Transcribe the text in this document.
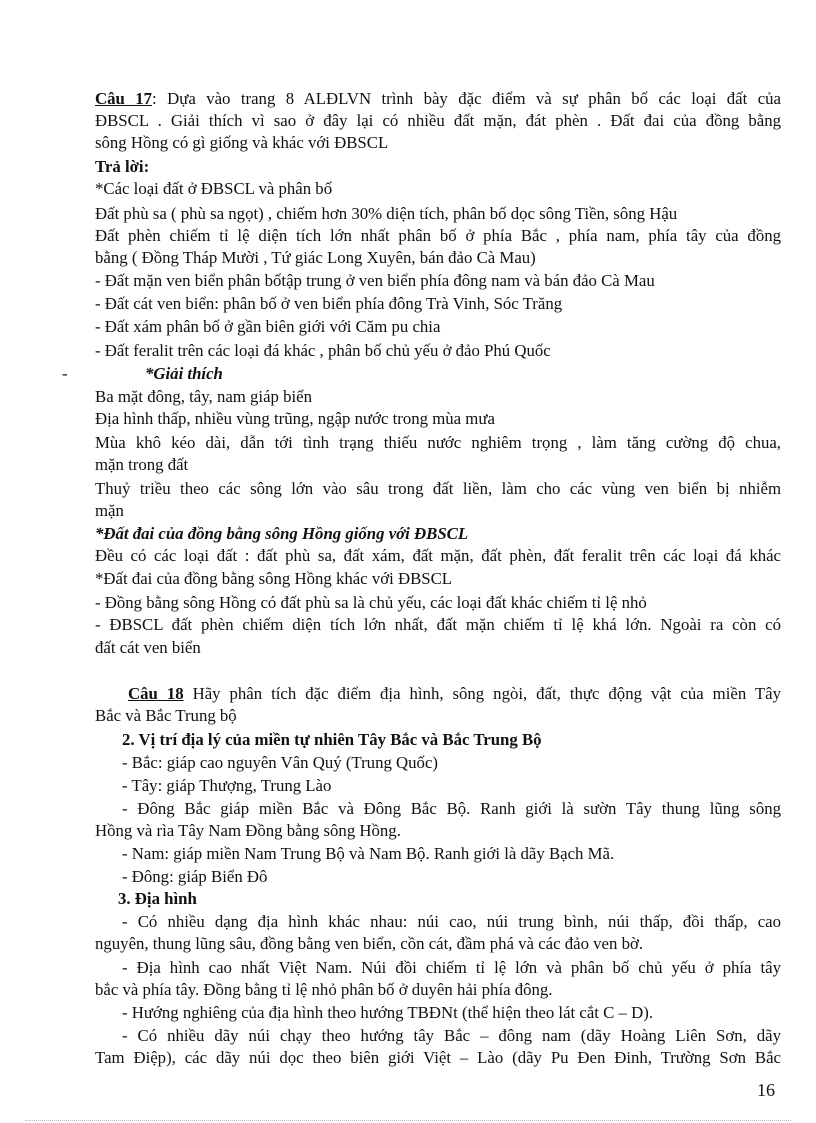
Câu 17: Dựa vào trang 8 ALĐLVN trình bày đặc điểm và sự phân bố các loại đất của
ĐBSCL . Giải thích vì sao ở đây lại có nhiều đất mặn, đát phèn . Đất đai của đồng bằng
sông Hồng có gì giống và khác với ĐBSCL
Trả lời:
*Các loại đất ở ĐBSCL và phân bố
Đất phù sa ( phù sa ngọt) , chiếm hơn 30% diện tích, phân bố dọc sông Tiền, sông Hậu
Đất phèn chiếm tỉ lệ diện tích lớn nhất phân bố ở phía Bắc , phía nam, phía tây của đồng
bằng ( Đồng Tháp Mười , Tứ giác Long Xuyên, bán đảo Cà Mau)
- Đất mặn ven biển phân bốtập trung ở ven biển phía đông nam và bán đảo Cà Mau
- Đất cát ven biển: phân bố ở ven biển phía đông Trà Vinh, Sóc Trăng
- Đất xám phân bố ở gần biên giới với Căm pu chia
- Đất feralit trên các loại đá khác , phân bố chủ yếu ở đảo Phú Quốc
-	*Giải thích
Ba mặt đông, tây, nam giáp biển
Địa hình thấp, nhiều vùng trũng, ngập nước trong mùa mưa
Mùa khô kéo dài, dẫn tới tình trạng thiếu nước nghiêm trọng , làm tăng cường độ chua,
mặn trong đất
Thuỷ triều theo các sông lớn vào sâu trong đất liền, làm cho các vùng ven biển bị nhiễm
mặn
*Đất đai của đồng bằng sông Hồng giống với ĐBSCL
Đều có các loại đất : đất phù sa, đất xám, đất mặn, đất phèn, đất feralit trên các loại đá khác
*Đất đai của đồng bằng sông Hồng khác với ĐBSCL
- Đồng bằng sông Hồng có đất phù sa là chủ yếu, các loại đất khác chiếm tỉ lệ nhỏ
- ĐBSCL đất phèn chiếm diện tích lớn nhất, đất mặn chiếm tỉ lệ khá lớn. Ngoài ra còn có
đất cát ven biển
Câu 18 Hãy phân tích đặc điểm địa hình, sông ngòi, đất, thực động vật của miền Tây
Bắc và Bắc Trung bộ
2. Vị trí địa lý của miền tự nhiên Tây Bắc và Bắc Trung Bộ
- Bắc: giáp cao nguyên Vân Quý (Trung Quốc)
- Tây: giáp Thượng, Trung Lào
- Đông Bắc giáp miền Bắc và Đông Bắc Bộ. Ranh giới là sườn Tây thung lũng sông
Hồng và rìa Tây Nam Đồng bằng sông Hồng.
- Nam: giáp miền Nam Trung Bộ và Nam Bộ. Ranh giới là dãy Bạch Mã.
- Đông: giáp Biển Đô
3. Địa hình
- Có nhiều dạng địa hình khác nhau: núi cao, núi trung bình, núi thấp, đồi thấp, cao
nguyên, thung lũng sâu, đồng bằng ven biển, cồn cát, đầm phá và các đảo ven bờ.
- Địa hình cao nhất Việt Nam. Núi đồi chiếm tỉ lệ lớn và phân bố chủ yếu ở phía tây
bắc và phía tây. Đồng bằng tỉ lệ nhỏ phân bố ở duyên hải phía đông.
- Hướng nghiêng của địa hình theo hướng TBĐNt (thể hiện theo lát cắt C – D).
- Có nhiều dãy núi chạy theo hướng tây Bắc – đông nam (dãy Hoàng Liên Sơn, dãy
Tam Điệp), các dãy núi dọc theo biên giới Việt – Lào (dãy Pu Đen Đinh, Trường Sơn Bắc
16
